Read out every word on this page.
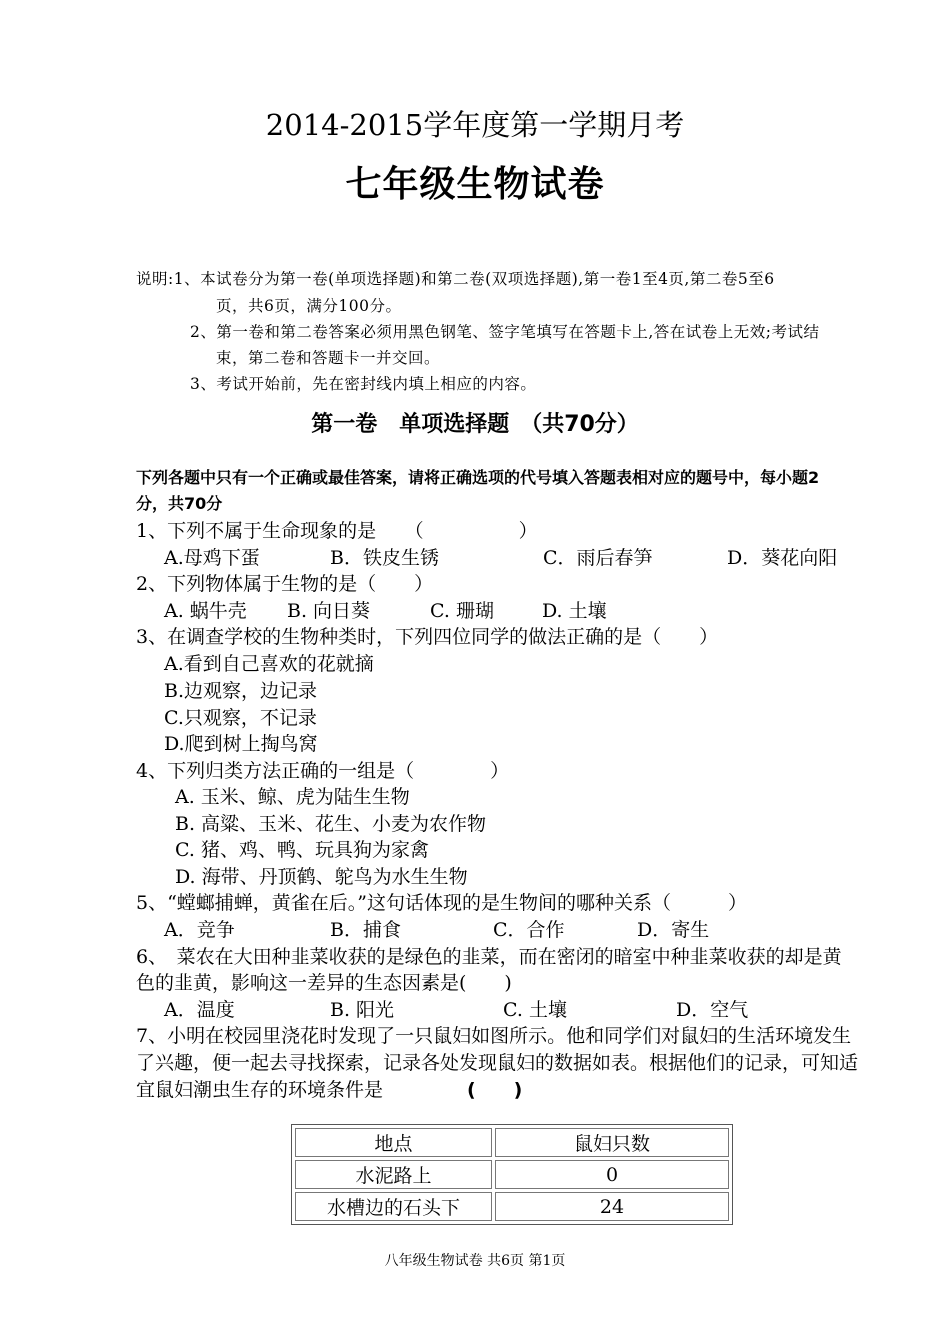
2014-2015学年度第一学期月考
七年级生物试卷
说明:1、本试卷分为第一卷(单项选择题)和第二卷(双项选择题),第一卷1至4页,第二卷5至6
页，共6页，满分100分。
2、第一卷和第二卷答案必须用黑色钢笔、签字笔填写在答题卡上,答在试卷上无效;考试结
束，第二卷和答题卡一并交回。
3、考试开始前，先在密封线内填上相应的内容。
第一卷　单项选择题　（共70分）
下列各题中只有一个正确或最佳答案，请将正确选项的代号填入答题表相对应的题号中，每小题2
分，共70分
1、下列不属于生命现象的是　　（　　　　　）
A.母鸡下蛋	B．铁皮生锈	C．雨后春笋	D．葵花向阳
2、下列物体属于生物的是（　　）
A. 蜗牛壳 B. 向日葵	C. 珊瑚	D. 土壤
3、在调查学校的生物种类时，下列四位同学的做法正确的是（　　）
A.看到自己喜欢的花就摘
B.边观察，边记录
C.只观察，不记录
D.爬到树上掏鸟窝
4、下列归类方法正确的一组是（　　　　）
A. 玉米、鲸、虎为陆生生物
B. 高粱、玉米、花生、小麦为农作物
C. 猪、鸡、鸭、玩具狗为家禽
D. 海带、丹顶鹤、鸵鸟为水生生物
5、“螳螂捕蝉，黄雀在后。”这句话体现的是生物间的哪种关系（　　　）
A．竞争	B．捕食	C．合作	D．寄生
6、　菜农在大田种韭菜收获的是绿色的韭菜，而在密闭的暗室中种韭菜收获的却是黄
色的韭黄，影响这一差异的生态因素是(　　)
A．温度	B. 阳光	C. 土壤	D．空气
7、小明在校园里浇花时发现了一只鼠妇如图所示。他和同学们对鼠妇的生活环境发生
了兴趣，便一起去寻找探索，记录各处发现鼠妇的数据如表。根据他们的记录，可知适
宜鼠妇潮虫生存的环境条件是	(　　)
地点	鼠妇只数
水泥路上	0
水槽边的石头下	24
八年级生物试卷 共6页 第1页
